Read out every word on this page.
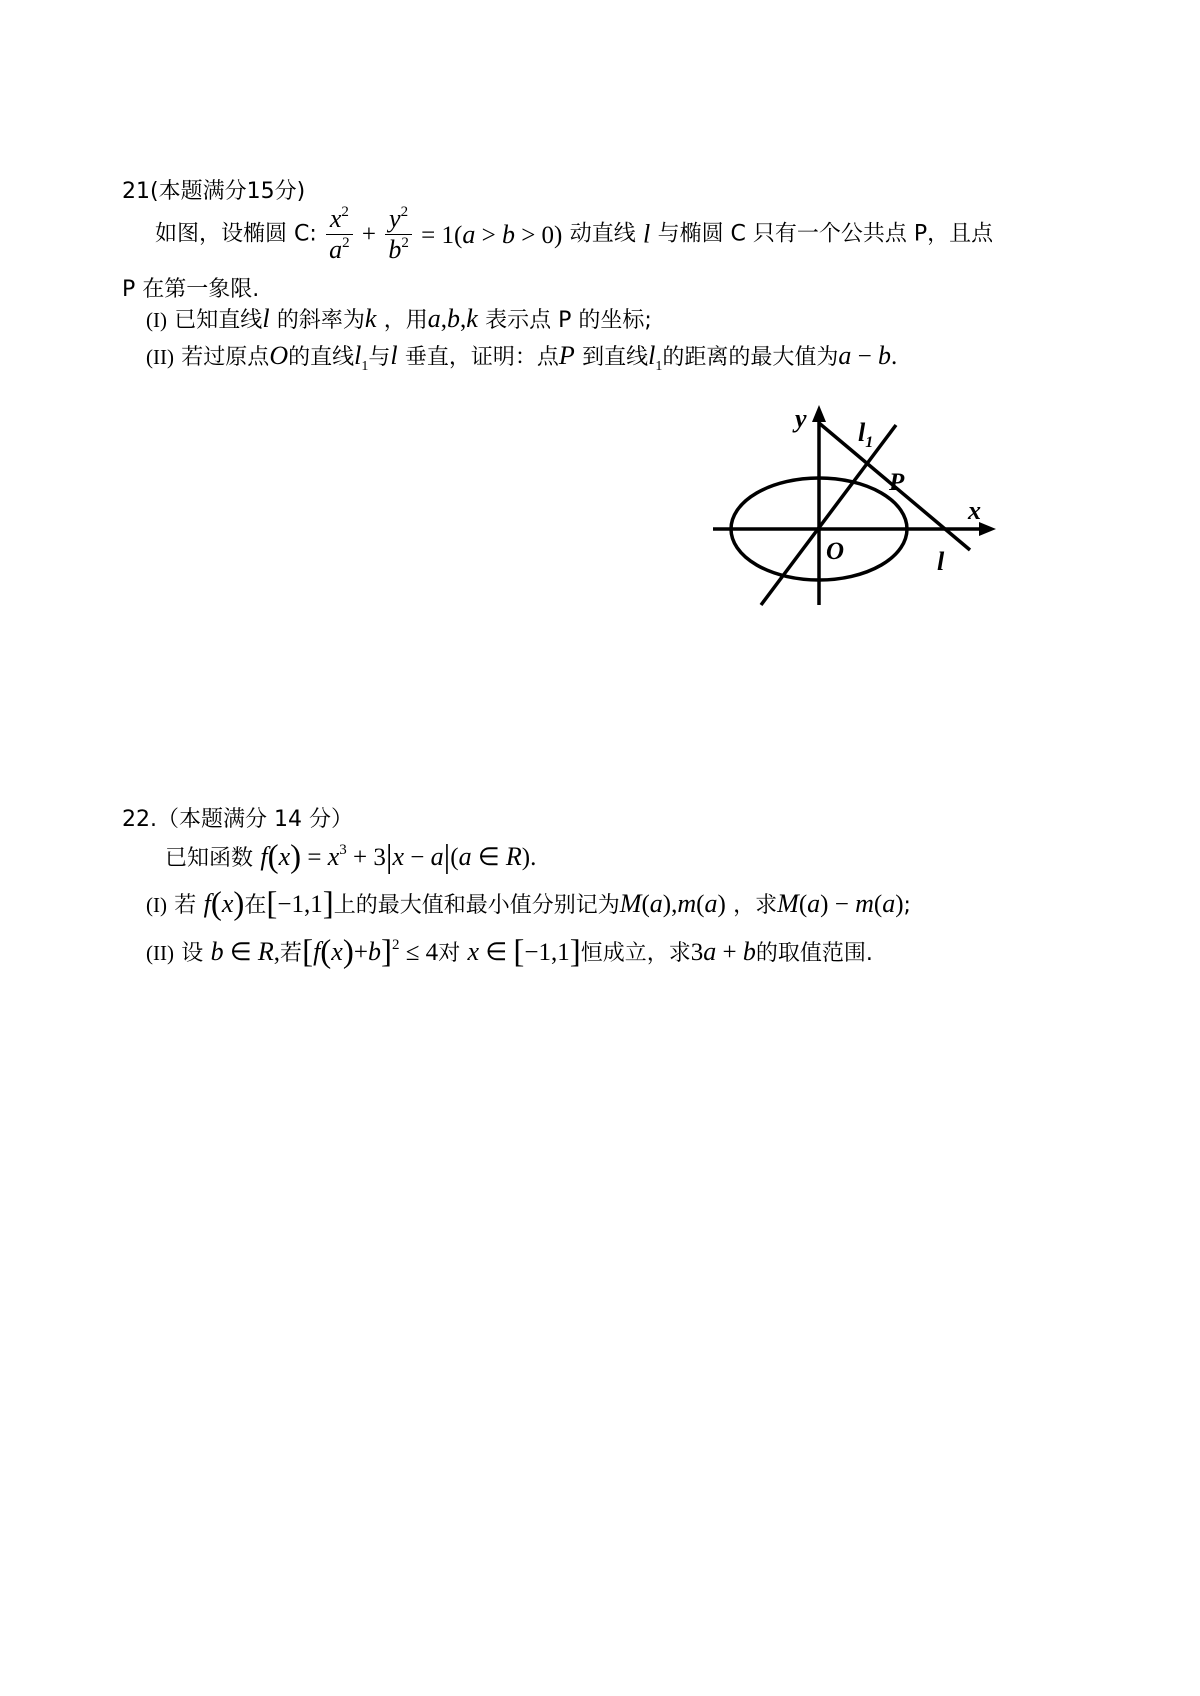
21(本题满分15分)
如图，设椭圆 C: $\frac{x^2}{a^2} + \frac{y^2}{b^2} = 1(a > b > 0)$ 动直线 l 与椭圆 C 只有一个公共点 P，且点
P 在第一象限.
(I) 已知直线l 的斜率为k ，用a,b,k 表示点 P 的坐标;
(II) 若过原点O的直线$l_1$与l 垂直，证明：点P 到直线$l_1$的距离的最大值为a − b.
y $l_1$
P
x
O	l
22.（本题满分 14 分）
已知函数 $f(x) = x^3 + 3|x - a|(a$ ∈ R).
(I) 若 f(x)在[−1,1]上的最大值和最小值分别记为M(a),m(a) ，求M(a) − m(a);
(II) 设 b ∈ R,若$[f(x)+b]^2 \le 4$对 x ∈ [−1,1]恒成立，求3a + b的取值范围.
